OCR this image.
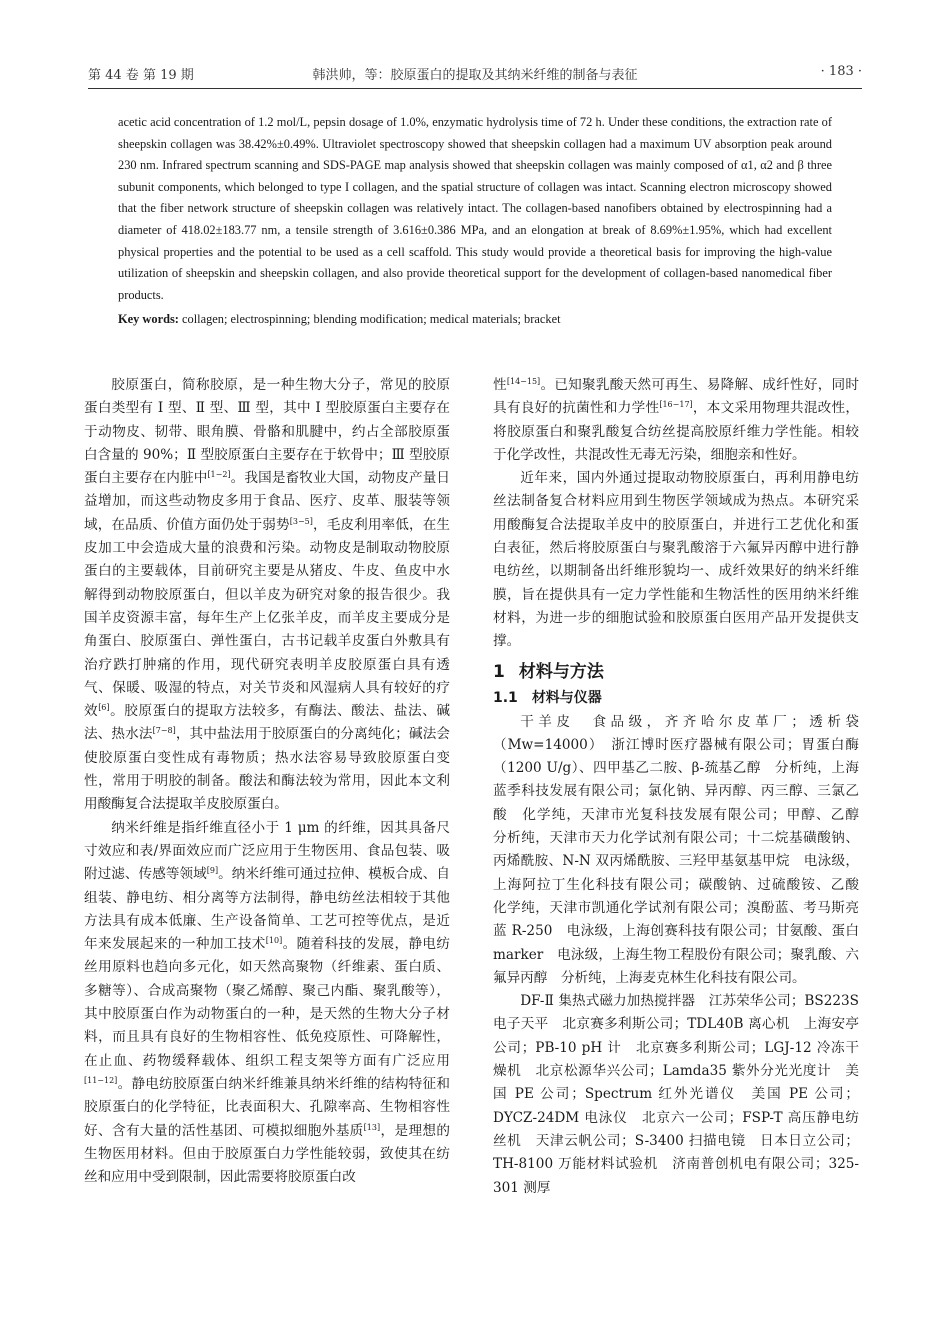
第 44 卷 第 19 期	韩洪帅，等：胶原蛋白的提取及其纳米纤维的制备与表征	· 183 ·

acetic acid concentration of 1.2 mol/L, pepsin dosage of 1.0%, enzymatic hydrolysis time of 72 h. Under these conditions, the extraction rate of sheepskin collagen was 38.42%±0.49%. Ultraviolet spectroscopy showed that sheepskin collagen had a maximum UV absorption peak around 230 nm. Infrared spectrum scanning and SDS-PAGE map analysis showed that sheepskin collagen was mainly composed of α1, α2 and β three subunit components, which belonged to type I collagen, and the spatial structure of collagen was intact. Scanning electron microscopy showed that the fiber network structure of sheepskin collagen was relatively intact. The collagen-based nanofibers obtained by electrospinning had a diameter of 418.02±183.77 nm, a tensile strength of 3.616±0.386 MPa, and an elongation at break of 8.69%±1.95%, which had excellent physical properties and the potential to be used as a cell scaffold. This study would provide a theoretical basis for improving the high-value utilization of sheepskin and sheepskin collagen, and also provide theoretical support for the development of collagen-based nanomedical fiber products.

Key words: collagen; electrospinning; blending modification; medical materials; bracket

胶原蛋白，简称胶原，是一种生物大分子，常见的胶原蛋白类型有 Ⅰ 型、Ⅱ 型、Ⅲ 型，其中 Ⅰ 型胶原蛋白主要存在于动物皮、韧带、眼角膜、骨骼和肌腱中，约占全部胶原蛋白含量的 90%；Ⅱ 型胶原蛋白主要存在于软骨中；Ⅲ 型胶原蛋白主要存在内脏中[1−2]。我国是畜牧业大国，动物皮产量日益增加，而这些动物皮多用于食品、医疗、皮革、服装等领域，在品质、价值方面仍处于弱势[3−5]，毛皮利用率低，在生皮加工中会造成大量的浪费和污染。动物皮是制取动物胶原蛋白的主要载体，目前研究主要是从猪皮、牛皮、鱼皮中水解得到动物胶原蛋白，但以羊皮为研究对象的报告很少。我国羊皮资源丰富，每年生产上亿张羊皮，而羊皮主要成分是角蛋白、胶原蛋白、弹性蛋白，古书记载羊皮蛋白外敷具有治疗跌打肿痛的作用，现代研究表明羊皮胶原蛋白具有透气、保暖、吸湿的特点，对关节炎和风湿病人具有较好的疗效[6]。胶原蛋白的提取方法较多，有酶法、酸法、盐法、碱法、热水法[7−8]，其中盐法用于胶原蛋白的分离纯化；碱法会使胶原蛋白变性成有毒物质；热水法容易导致胶原蛋白变性，常用于明胶的制备。酸法和酶法较为常用，因此本文利用酸酶复合法提取羊皮胶原蛋白。

纳米纤维是指纤维直径小于 1 μm 的纤维，因其具备尺寸效应和表/界面效应而广泛应用于生物医用、食品包装、吸附过滤、传感等领域[9]。纳米纤维可通过拉伸、模板合成、自组装、静电纺、相分离等方法制得，静电纺丝法相较于其他方法具有成本低廉、生产设备简单、工艺可控等优点，是近年来发展起来的一种加工技术[10]。随着科技的发展，静电纺丝用原料也趋向多元化，如天然高聚物（纤维素、蛋白质、多糖等）、合成高聚物（聚乙烯醇、聚己内酯、聚乳酸等），其中胶原蛋白作为动物蛋白的一种，是天然的生物大分子材料，而且具有良好的生物相容性、低免疫原性、可降解性，在止血、药物缓释载体、组织工程支架等方面有广泛应用[11−12]。静电纺胶原蛋白纳米纤维兼具纳米纤维的结构特征和胶原蛋白的化学特征，比表面积大、孔隙率高、生物相容性好、含有大量的活性基团、可模拟细胞外基质[13]，是理想的生物医用材料。但由于胶原蛋白力学性能较弱，致使其在纺丝和应用中受到限制，因此需要将胶原蛋白改

性[14−15]。已知聚乳酸天然可再生、易降解、成纤性好，同时具有良好的抗菌性和力学性[16−17]，本文采用物理共混改性，将胶原蛋白和聚乳酸复合纺丝提高胶原纤维力学性能。相较于化学改性，共混改性无毒无污染，细胞亲和性好。

近年来，国内外通过提取动物胶原蛋白，再利用静电纺丝法制备复合材料应用到生物医学领域成为热点。本研究采用酸酶复合法提取羊皮中的胶原蛋白，并进行工艺优化和蛋白表征，然后将胶原蛋白与聚乳酸溶于六氟异丙醇中进行静电纺丝，以期制备出纤维形貌均一、成纤效果好的纳米纤维膜，旨在提供具有一定力学性能和生物活性的医用纳米纤维材料，为进一步的细胞试验和胶原蛋白医用产品开发提供支撑。

1 材料与方法
1.1 材料与仪器

干羊皮　食品级，齐齐哈尔皮革厂；透析袋（Mw=14000）　浙江博时医疗器械有限公司；胃蛋白酶（1200 U/g）、四甲基乙二胺、β-巯基乙醇　分析纯，上海蓝季科技发展有限公司；氯化钠、异丙醇、丙三醇、三氯乙酸　化学纯，天津市光复科技发展有限公司；甲醇、乙醇　分析纯，天津市天力化学试剂有限公司；十二烷基磺酸钠、丙烯酰胺、N-N 双丙烯酰胺、三羟甲基氨基甲烷　电泳级，上海阿拉丁生化科技有限公司；碳酸钠、过硫酸铵、乙酸　化学纯，天津市凯通化学试剂有限公司；溴酚蓝、考马斯亮蓝 R-250　电泳级，上海创赛科技有限公司；甘氨酸、蛋白 marker　电泳级，上海生物工程股份有限公司；聚乳酸、六氟异丙醇　分析纯，上海麦克林生化科技有限公司。

DF-Ⅱ 集热式磁力加热搅拌器　江苏荣华公司；BS223S 电子天平　北京赛多利斯公司；TDL40B 离心机　上海安亭公司；PB-10 pH 计　北京赛多利斯公司；LGJ-12 冷冻干燥机　北京松源华兴公司；Lamda35 紫外分光光度计　美国 PE 公司；Spectrum 红外光谱仪　美国 PE 公司；DYCZ-24DM 电泳仪　北京六一公司；FSP-T 高压静电纺丝机　天津云帆公司；S-3400 扫描电镜　日本日立公司；TH-8100 万能材料试验机　济南普创机电有限公司；325-301 测厚
